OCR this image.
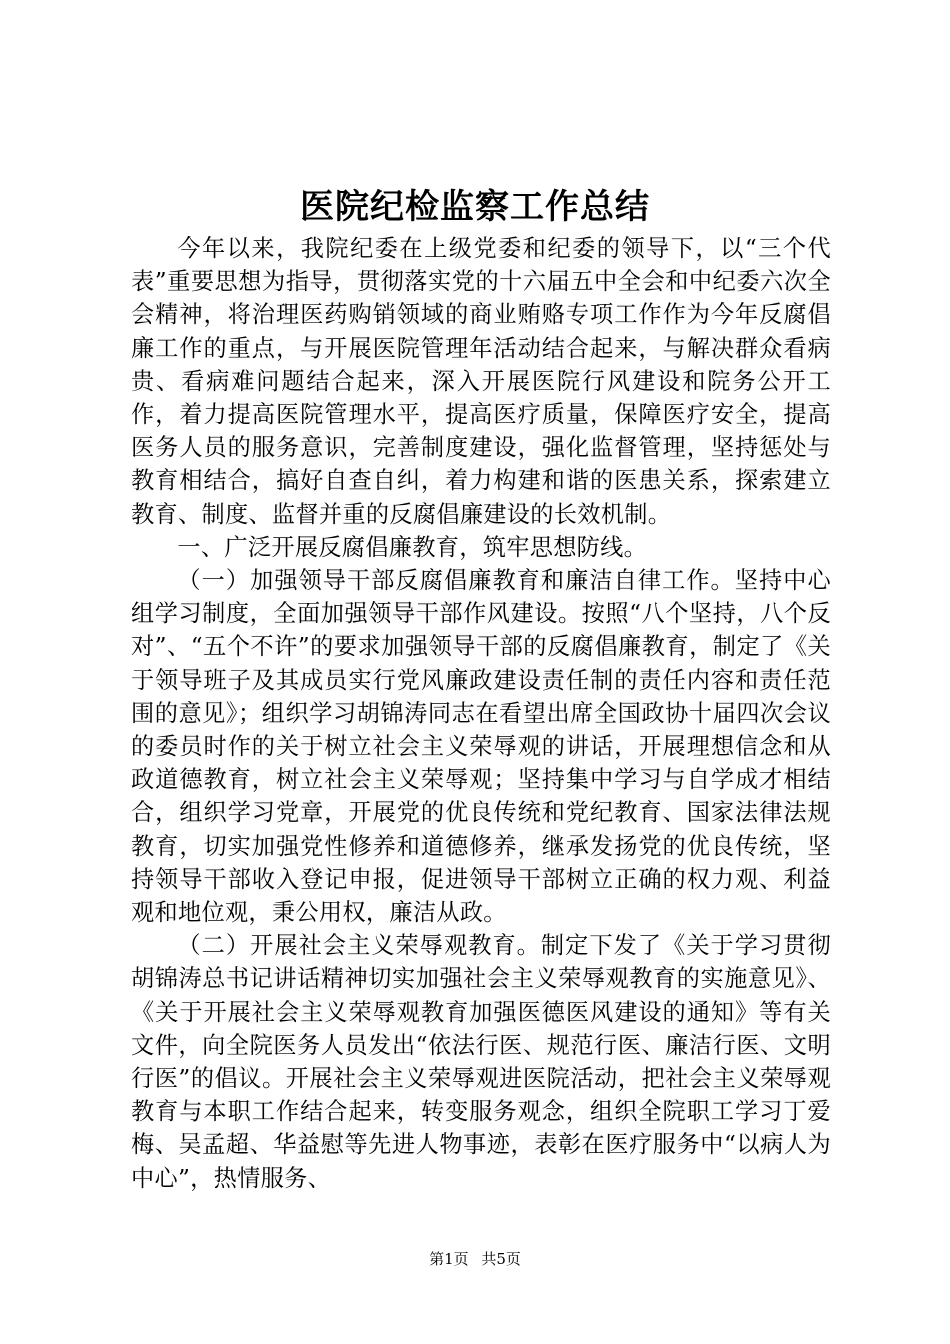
医院纪检监察工作总结

今年以来，我院纪委在上级党委和纪委的领导下，以“三个代表”重要思想为指导，贯彻落实党的十六届五中全会和中纪委六次全会精神，将治理医药购销领域的商业贿赂专项工作作为今年反腐倡廉工作的重点，与开展医院管理年活动结合起来，与解决群众看病贵、看病难问题结合起来，深入开展医院行风建设和院务公开工作，着力提高医院管理水平，提高医疗质量，保障医疗安全，提高医务人员的服务意识，完善制度建设，强化监督管理，坚持惩处与教育相结合，搞好自查自纠，着力构建和谐的医患关系，探索建立教育、制度、监督并重的反腐倡廉建设的长效机制。

一、广泛开展反腐倡廉教育，筑牢思想防线。

（一）加强领导干部反腐倡廉教育和廉洁自律工作。坚持中心组学习制度，全面加强领导干部作风建设。按照“八个坚持，八个反对”、“五个不许”的要求加强领导干部的反腐倡廉教育，制定了《关于领导班子及其成员实行党风廉政建设责任制的责任内容和责任范围的意见》；组织学习胡锦涛同志在看望出席全国政协十届四次会议的委员时作的关于树立社会主义荣辱观的讲话，开展理想信念和从政道德教育，树立社会主义荣辱观；坚持集中学习与自学成才相结合，组织学习党章，开展党的优良传统和党纪教育、国家法律法规教育，切实加强党性修养和道德修养，继承发扬党的优良传统，坚持领导干部收入登记申报，促进领导干部树立正确的权力观、利益观和地位观，秉公用权，廉洁从政。

（二）开展社会主义荣辱观教育。制定下发了《关于学习贯彻胡锦涛总书记讲话精神切实加强社会主义荣辱观教育的实施意见》、《关于开展社会主义荣辱观教育加强医德医风建设的通知》等有关文件，向全院医务人员发出“依法行医、规范行医、廉洁行医、文明行医”的倡议。开展社会主义荣辱观进医院活动，把社会主义荣辱观教育与本职工作结合起来，转变服务观念，组织全院职工学习丁爱梅、吴孟超、华益慰等先进人物事迹，表彰在医疗服务中“以病人为中心”，热情服务、

第1页 共5页
